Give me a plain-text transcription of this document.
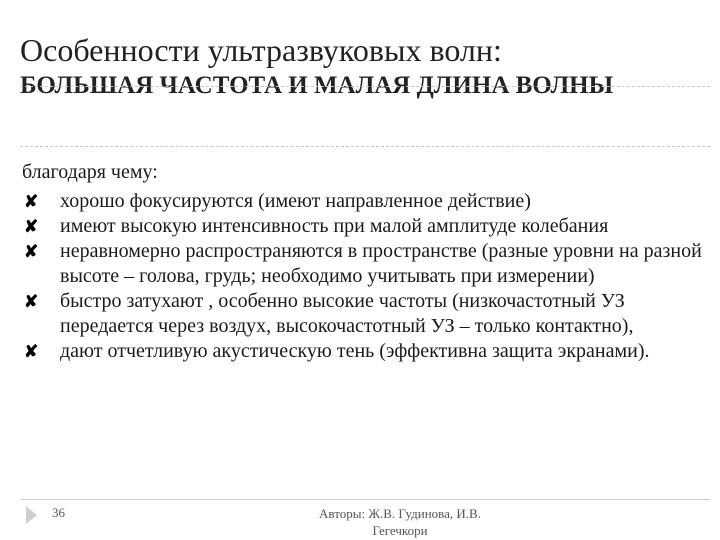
Особенности ультразвуковых волн:
БОЛЬШАЯ ЧАСТОТА И МАЛАЯ ДЛИНА ВОЛНЫ
благодаря чему:
✘	хорошо фокусируются (имеют направленное действие)
✘	имеют высокую интенсивность при малой амплитуде колебания
✘	неравномерно распространяются в пространстве (разные уровни на разной высоте – голова, грудь; необходимо учитывать при измерении)
✘	быстро затухают , особенно высокие частоты (низкочастотный УЗ передается через воздух, высокочастотный УЗ – только контактно),
✘	дают отчетливую акустическую тень (эффективна защита экранами).
36	Авторы: Ж.В. Гудинова, И.В. Гегечкори
